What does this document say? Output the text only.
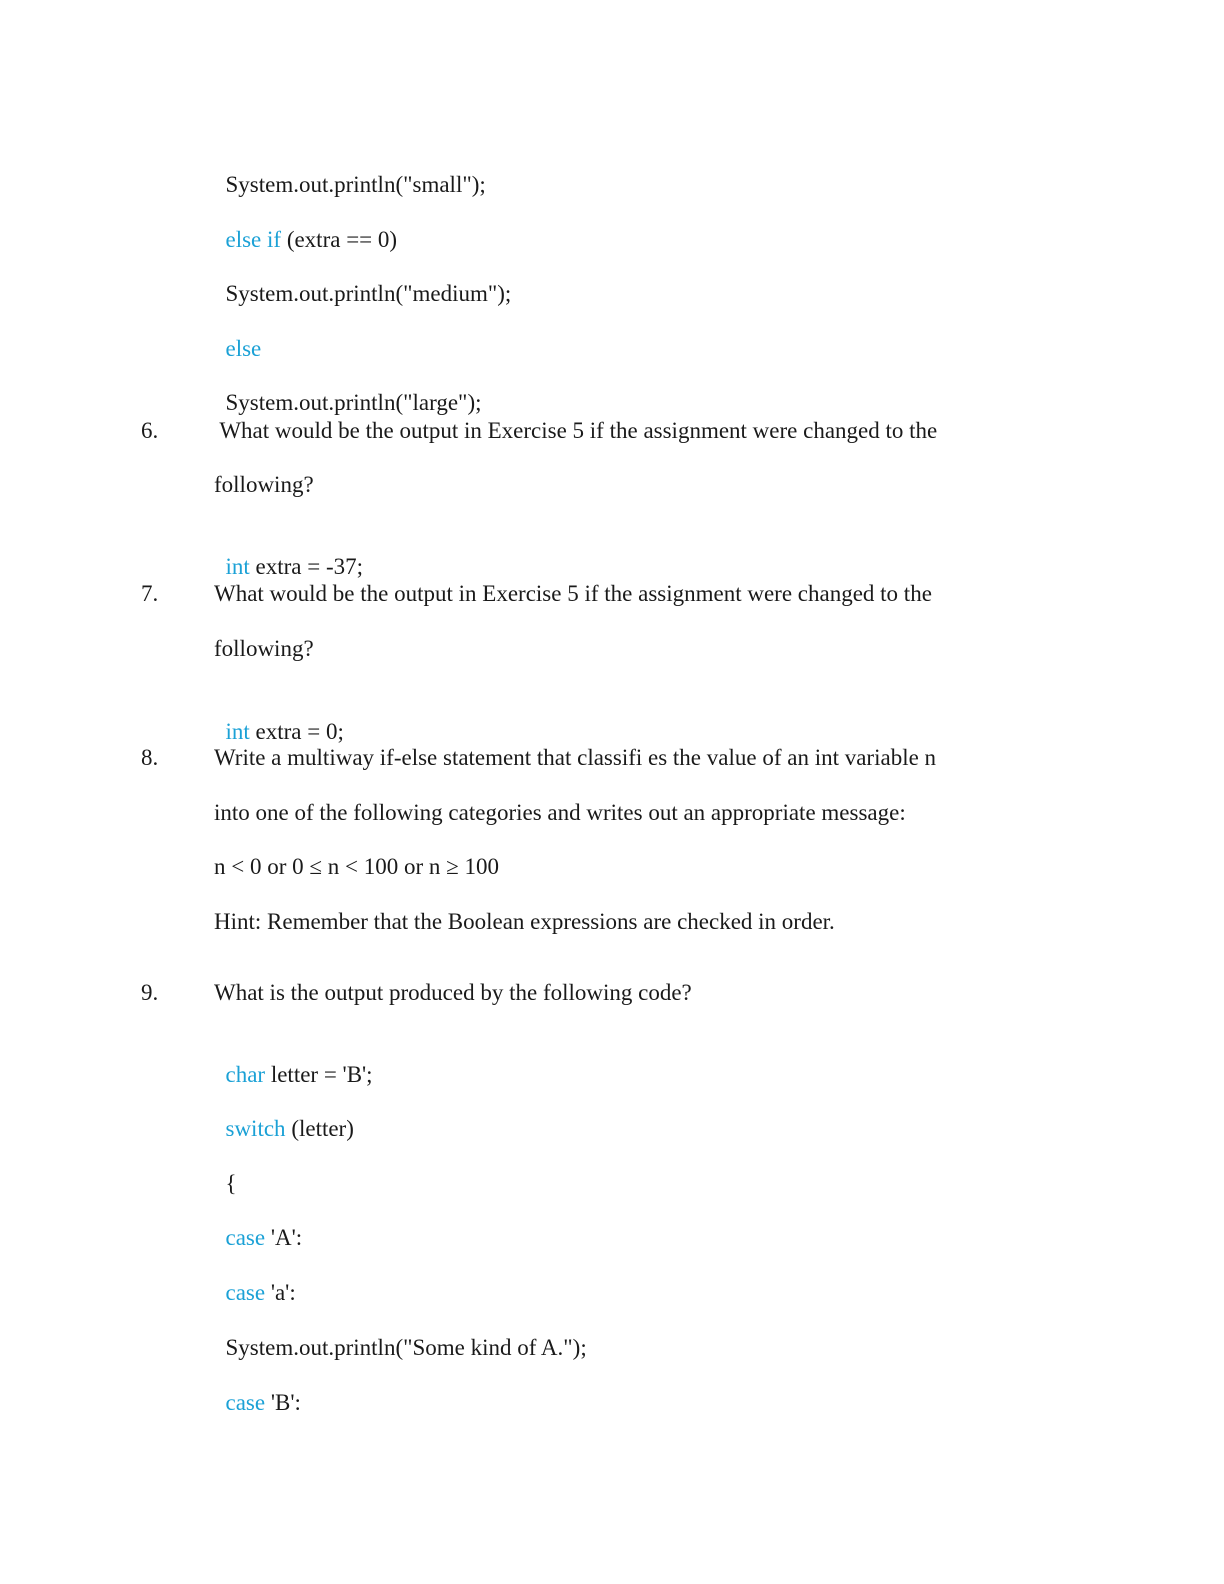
System.out.println("small");

else if (extra == 0)

System.out.println("medium");

else

System.out.println("large");

6. What would be the output in Exercise 5 if the assignment were changed to the
following?

int extra = -37;

7. What would be the output in Exercise 5 if the assignment were changed to the
following?

int extra = 0;

8. Write a multiway if-else statement that classifi es the value of an int variable n
into one of the following categories and writes out an appropriate message:
n < 0 or 0 ≤ n < 100 or n ≥ 100
Hint: Remember that the Boolean expressions are checked in order.
9. What is the output produced by the following code?

char letter = 'B';

switch (letter)

{

case 'A':

case 'a':

System.out.println("Some kind of A.");

case 'B':
